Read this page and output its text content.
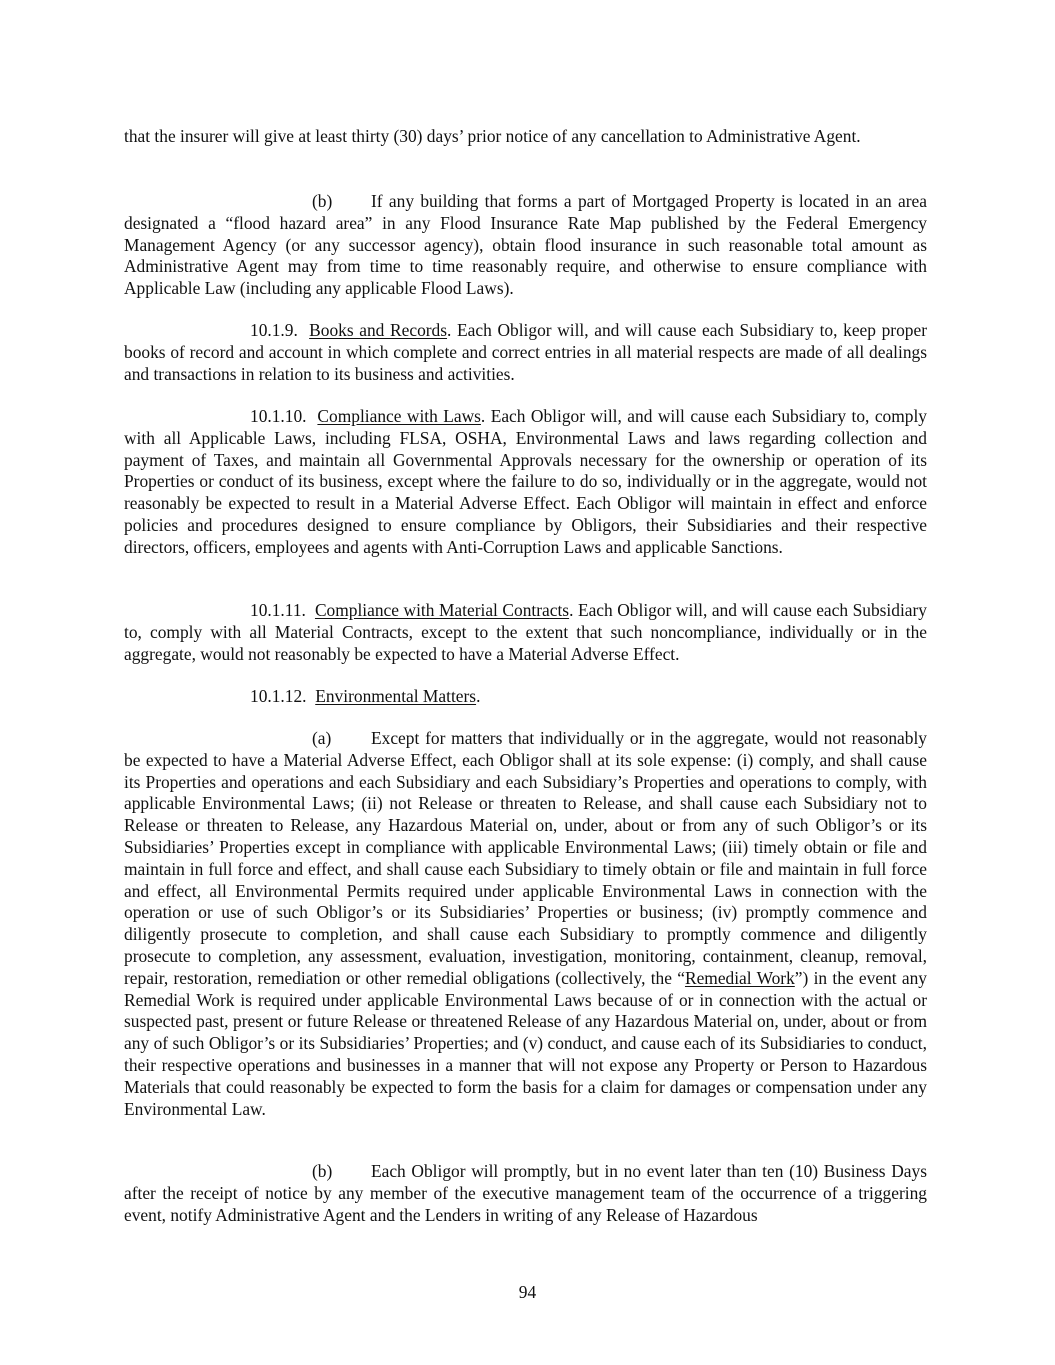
that the insurer will give at least thirty (30) days’ prior notice of any cancellation to Administrative Agent.

(b) If any building that forms a part of Mortgaged Property is located in an area designated a “flood hazard area” in any Flood Insurance Rate Map published by the Federal Emergency Management Agency (or any successor agency), obtain flood insurance in such reasonable total amount as Administrative Agent may from time to time reasonably require, and otherwise to ensure compliance with Applicable Law (including any applicable Flood Laws).

10.1.9. Books and Records. Each Obligor will, and will cause each Subsidiary to, keep proper books of record and account in which complete and correct entries in all material respects are made of all dealings and transactions in relation to its business and activities.

10.1.10. Compliance with Laws. Each Obligor will, and will cause each Subsidiary to, comply with all Applicable Laws, including FLSA, OSHA, Environmental Laws and laws regarding collection and payment of Taxes, and maintain all Governmental Approvals necessary for the ownership or operation of its Properties or conduct of its business, except where the failure to do so, individually or in the aggregate, would not reasonably be expected to result in a Material Adverse Effect. Each Obligor will maintain in effect and enforce policies and procedures designed to ensure compliance by Obligors, their Subsidiaries and their respective directors, officers, employees and agents with Anti-Corruption Laws and applicable Sanctions.

10.1.11. Compliance with Material Contracts. Each Obligor will, and will cause each Subsidiary to, comply with all Material Contracts, except to the extent that such noncompliance, individually or in the aggregate, would not reasonably be expected to have a Material Adverse Effect.

10.1.12. Environmental Matters.

(a) Except for matters that individually or in the aggregate, would not reasonably be expected to have a Material Adverse Effect, each Obligor shall at its sole expense: (i) comply, and shall cause its Properties and operations and each Subsidiary and each Subsidiary’s Properties and operations to comply, with applicable Environmental Laws; (ii) not Release or threaten to Release, and shall cause each Subsidiary not to Release or threaten to Release, any Hazardous Material on, under, about or from any of such Obligor’s or its Subsidiaries’ Properties except in compliance with applicable Environmental Laws; (iii) timely obtain or file and maintain in full force and effect, and shall cause each Subsidiary to timely obtain or file and maintain in full force and effect, all Environmental Permits required under applicable Environmental Laws in connection with the operation or use of such Obligor’s or its Subsidiaries’ Properties or business; (iv) promptly commence and diligently prosecute to completion, and shall cause each Subsidiary to promptly commence and diligently prosecute to completion, any assessment, evaluation, investigation, monitoring, containment, cleanup, removal, repair, restoration, remediation or other remedial obligations (collectively, the “Remedial Work”) in the event any Remedial Work is required under applicable Environmental Laws because of or in connection with the actual or suspected past, present or future Release or threatened Release of any Hazardous Material on, under, about or from any of such Obligor’s or its Subsidiaries’ Properties; and (v) conduct, and cause each of its Subsidiaries to conduct, their respective operations and businesses in a manner that will not expose any Property or Person to Hazardous Materials that could reasonably be expected to form the basis for a claim for damages or compensation under any Environmental Law.

(b) Each Obligor will promptly, but in no event later than ten (10) Business Days after the receipt of notice by any member of the executive management team of the occurrence of a triggering event, notify Administrative Agent and the Lenders in writing of any Release of Hazardous

94
